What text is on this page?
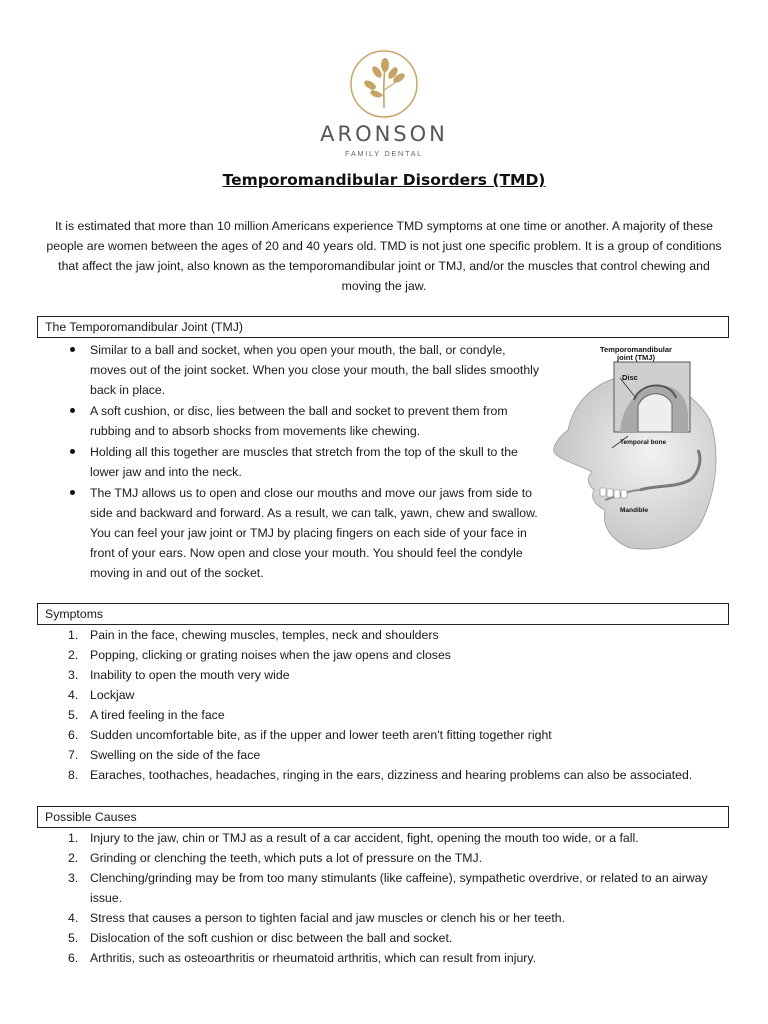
ARONSON
FAMILY DENTAL
Temporomandibular Disorders (TMD)
It is estimated that more than 10 million Americans experience TMD symptoms at one time or another. A majority of these people are women between the ages of 20 and 40 years old. TMD is not just one specific problem. It is a group of conditions that affect the jaw joint, also known as the temporomandibular joint or TMJ, and/or the muscles that control chewing and moving the jaw.
The Temporomandibular Joint (TMJ)
Similar to a ball and socket, when you open your mouth, the ball, or condyle, moves out of the joint socket. When you close your mouth, the ball slides smoothly back in place.
A soft cushion, or disc, lies between the ball and socket to prevent them from rubbing and to absorb shocks from movements like chewing.
Holding all this together are muscles that stretch from the top of the skull to the lower jaw and into the neck.
The TMJ allows us to open and close our mouths and move our jaws from side to side and backward and forward. As a result, we can talk, yawn, chew and swallow. You can feel your jaw joint or TMJ by placing fingers on each side of your face in front of your ears. Now open and close your mouth. You should feel the condyle moving in and out of the socket.
Temporomandibular
joint (TMJ)
Disc
Temporal bone
Mandible
Symptoms
1. Pain in the face, chewing muscles, temples, neck and shoulders
2. Popping, clicking or grating noises when the jaw opens and closes
3. Inability to open the mouth very wide
4. Lockjaw
5. A tired feeling in the face
6. Sudden uncomfortable bite, as if the upper and lower teeth aren't fitting together right
7. Swelling on the side of the face
8. Earaches, toothaches, headaches, ringing in the ears, dizziness and hearing problems can also be associated.
Possible Causes
1. Injury to the jaw, chin or TMJ as a result of a car accident, fight, opening the mouth too wide, or a fall.
2. Grinding or clenching the teeth, which puts a lot of pressure on the TMJ.
3. Clenching/grinding may be from too many stimulants (like caffeine), sympathetic overdrive, or related to an airway issue.
4. Stress that causes a person to tighten facial and jaw muscles or clench his or her teeth.
5. Dislocation of the soft cushion or disc between the ball and socket.
6. Arthritis, such as osteoarthritis or rheumatoid arthritis, which can result from injury.
